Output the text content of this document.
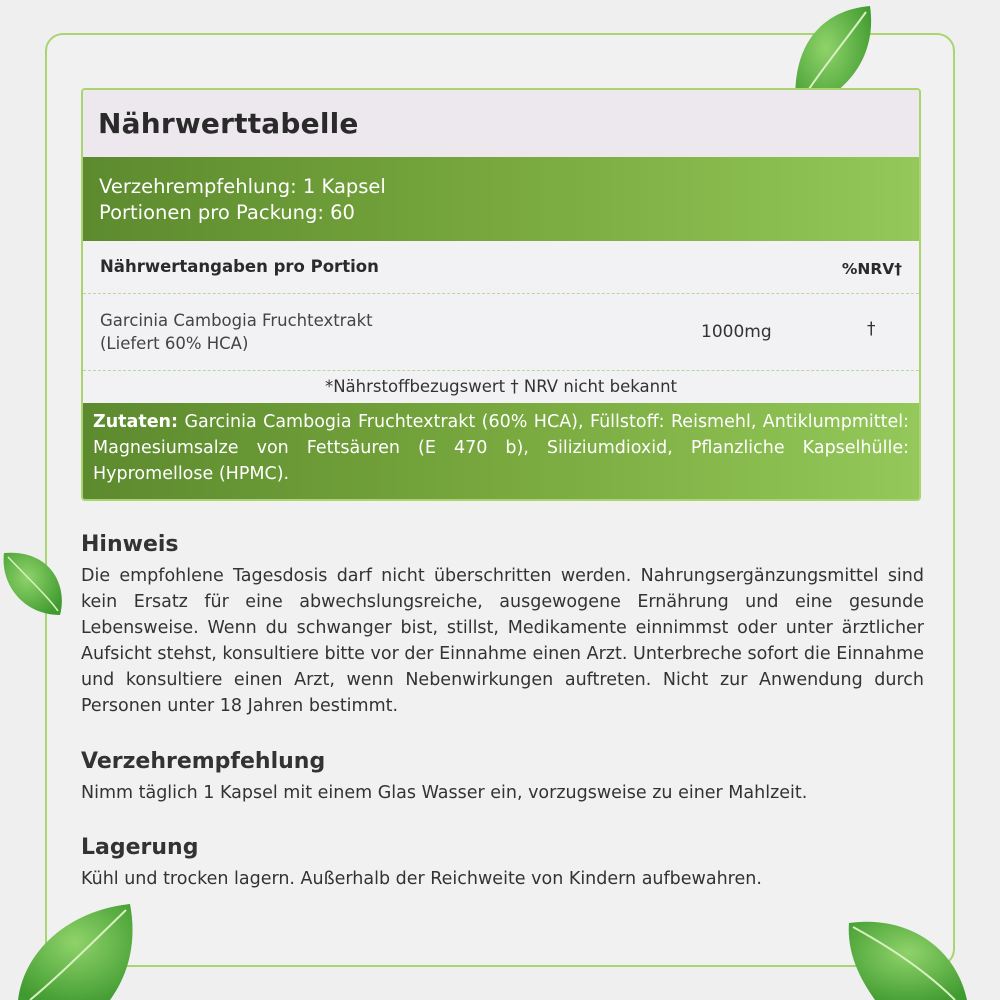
Nährwerttabelle
Verzehrempfehlung: 1 Kapsel
Portionen pro Packung: 60
Nährwertangaben pro Portion	%NRV†
Garcinia Cambogia Fruchtextrakt
(Liefert 60% HCA)
1000mg	†
*Nährstoffbezugswert † NRV nicht bekannt
Zutaten: Garcinia Cambogia Fruchtextrakt (60% HCA), Füllstoff: Reismehl, Antiklumpmittel: Magnesiumsalze von Fettsäuren (E 470 b), Siliziumdioxid, Pflanzliche Kapselhülle: Hypromellose (HPMC).
Hinweis

Die empfohlene Tagesdosis darf nicht überschritten werden. Nahrungsergänzungsmittel sind kein Ersatz für eine abwechslungsreiche, ausgewogene Ernährung und eine gesunde Lebensweise. Wenn du schwanger bist, stillst, Medikamente einnimmst oder unter ärztlicher Aufsicht stehst, konsultiere bitte vor der Einnahme einen Arzt. Unterbreche sofort die Einnahme und konsultiere einen Arzt, wenn Nebenwirkungen auftreten. Nicht zur Anwendung durch Personen unter 18 Jahren bestimmt.

Verzehrempfehlung

Nimm täglich 1 Kapsel mit einem Glas Wasser ein, vorzugsweise zu einer Mahlzeit.

Lagerung

Kühl und trocken lagern. Außerhalb der Reichweite von Kindern aufbewahren.
